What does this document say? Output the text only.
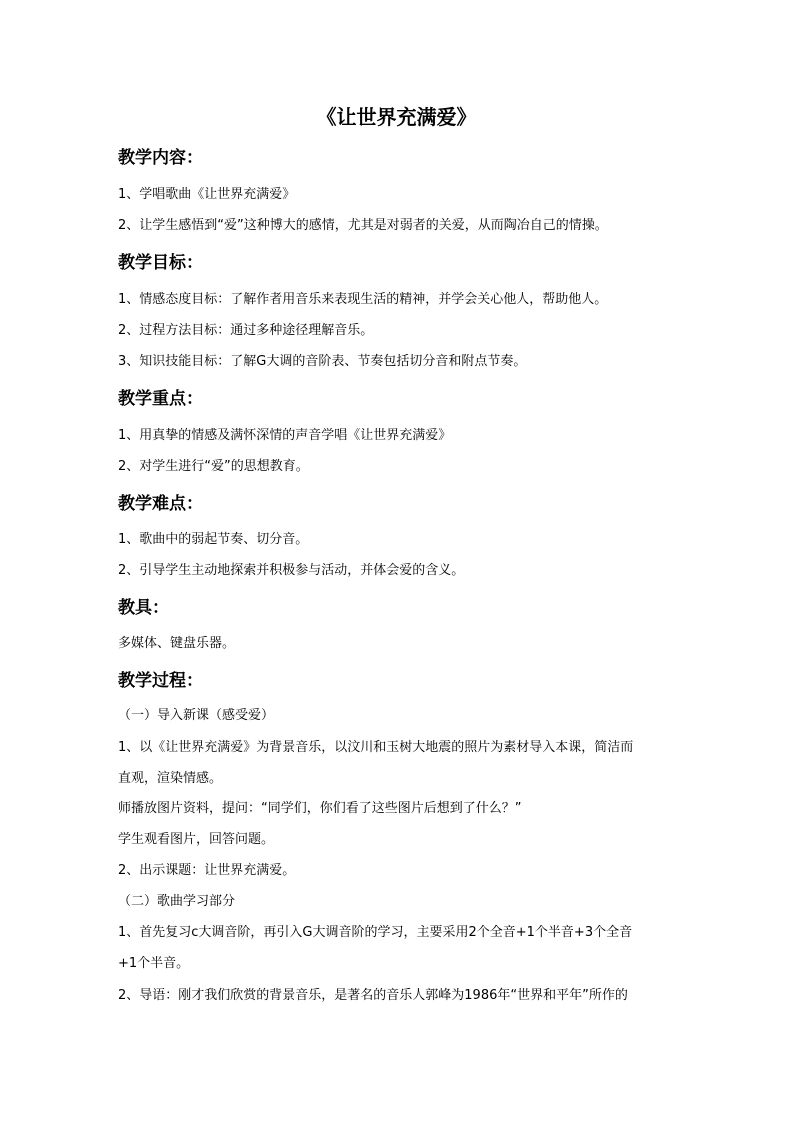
《让世界充满爱》
教学内容：
1、学唱歌曲《让世界充满爱》
2、让学生感悟到“爱”这种博大的感情，尤其是对弱者的关爱，从而陶冶自己的情操。
教学目标：
1、情感态度目标：了解作者用音乐来表现生活的精神，并学会关心他人，帮助他人。
2、过程方法目标：通过多种途径理解音乐。
3、知识技能目标：了解G大调的音阶表、节奏包括切分音和附点节奏。
教学重点：
1、用真挚的情感及满怀深情的声音学唱《让世界充满爱》
2、对学生进行“爱”的思想教育。
教学难点：
1、歌曲中的弱起节奏、切分音。
2、引导学生主动地探索并积极参与活动，并体会爱的含义。
教具：
多媒体、键盘乐器。
教学过程：
（一）导入新课（感受爱）
1、以《让世界充满爱》为背景音乐，以汶川和玉树大地震的照片为素材导入本课，简洁而
直观，渲染情感。
师播放图片资料，提问：“同学们，你们看了这些图片后想到了什么？”
学生观看图片，回答问题。
2、出示课题：让世界充满爱。
（二）歌曲学习部分
1、首先复习c大调音阶，再引入G大调音阶的学习，主要采用2个全音+1个半音+3个全音
+1个半音。
2、导语：刚才我们欣赏的背景音乐，是著名的音乐人郭峰为1986年“世界和平年”所作的
